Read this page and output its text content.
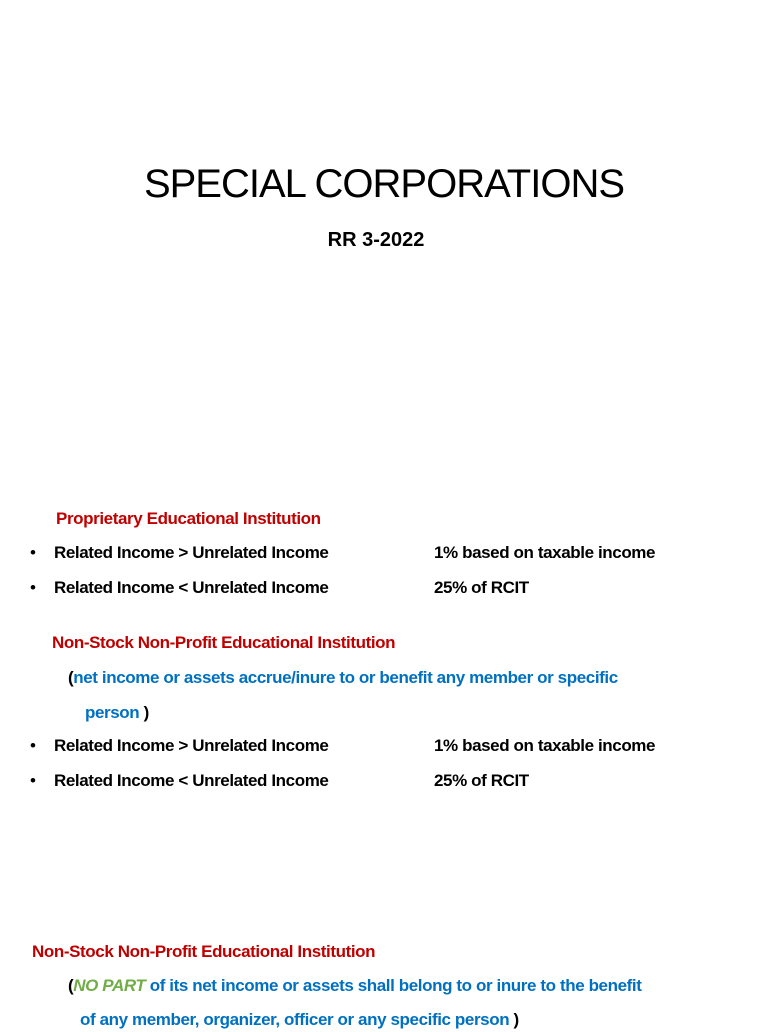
SPECIAL CORPORATIONS
RR 3-2022
Proprietary Educational Institution
• Related Income > Unrelated Income	1% based on taxable income
• Related Income < Unrelated Income	25% of RCIT
Non-Stock Non-Profit Educational Institution
(net income or assets accrue/inure to or benefit any member or specific
person )
• Related Income > Unrelated Income	1% based on taxable income
• Related Income < Unrelated Income	25% of RCIT
Non-Stock Non-Profit Educational Institution
(NO PART of its net income or assets shall belong to or inure to the benefit
of any member, organizer, officer or any specific person )
